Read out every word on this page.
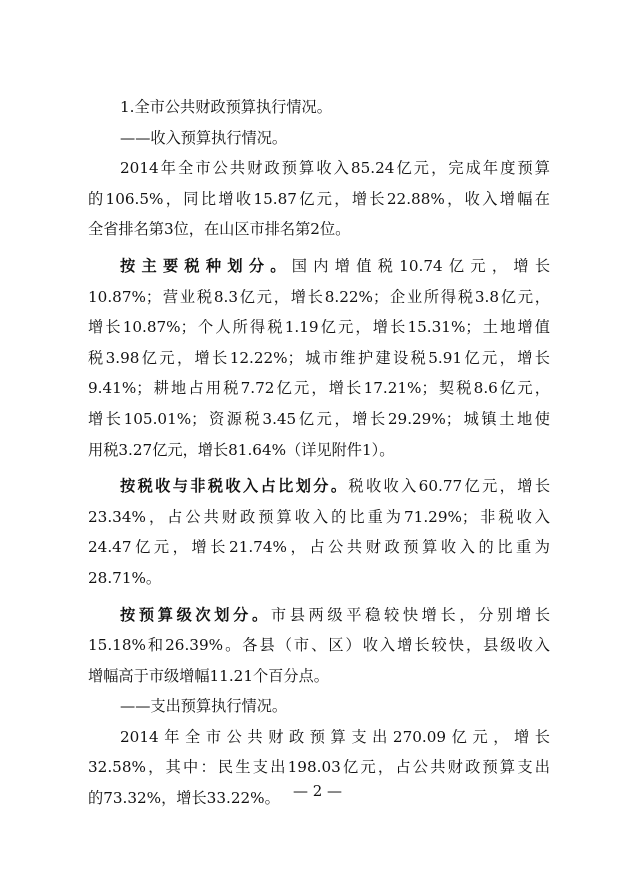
1.全市公共财政预算执行情况。
——收入预算执行情况。
2014年全市公共财政预算收入85.24亿元，完成年度预算
的106.5%，同比增收15.87亿元，增长22.88%，收入增幅在
全省排名第3位，在山区市排名第2位。
按主要税种划分。国内增值税10.74亿元，增长
10.87%；营业税8.3亿元，增长8.22%；企业所得税3.8亿元，
增长10.87%；个人所得税1.19亿元，增长15.31%；土地增值
税3.98亿元，增长12.22%；城市维护建设税5.91亿元，增长
9.41%；耕地占用税7.72亿元，增长17.21%；契税8.6亿元，
增长105.01%；资源税3.45亿元，增长29.29%；城镇土地使
用税3.27亿元，增长81.64%（详见附件1）。
按税收与非税收入占比划分。税收收入60.77亿元，增长
23.34%，占公共财政预算收入的比重为71.29%；非税收入
24.47亿元，增长21.74%，占公共财政预算收入的比重为
28.71%。
按预算级次划分。市县两级平稳较快增长，分别增长
15.18%和26.39%。各县（市、区）收入增长较快，县级收入
增幅高于市级增幅11.21个百分点。
——支出预算执行情况。
2014年全市公共财政预算支出270.09亿元，增长
32.58%，其中：民生支出198.03亿元，占公共财政预算支出
的73.32%，增长33.22%。 — 2 —
